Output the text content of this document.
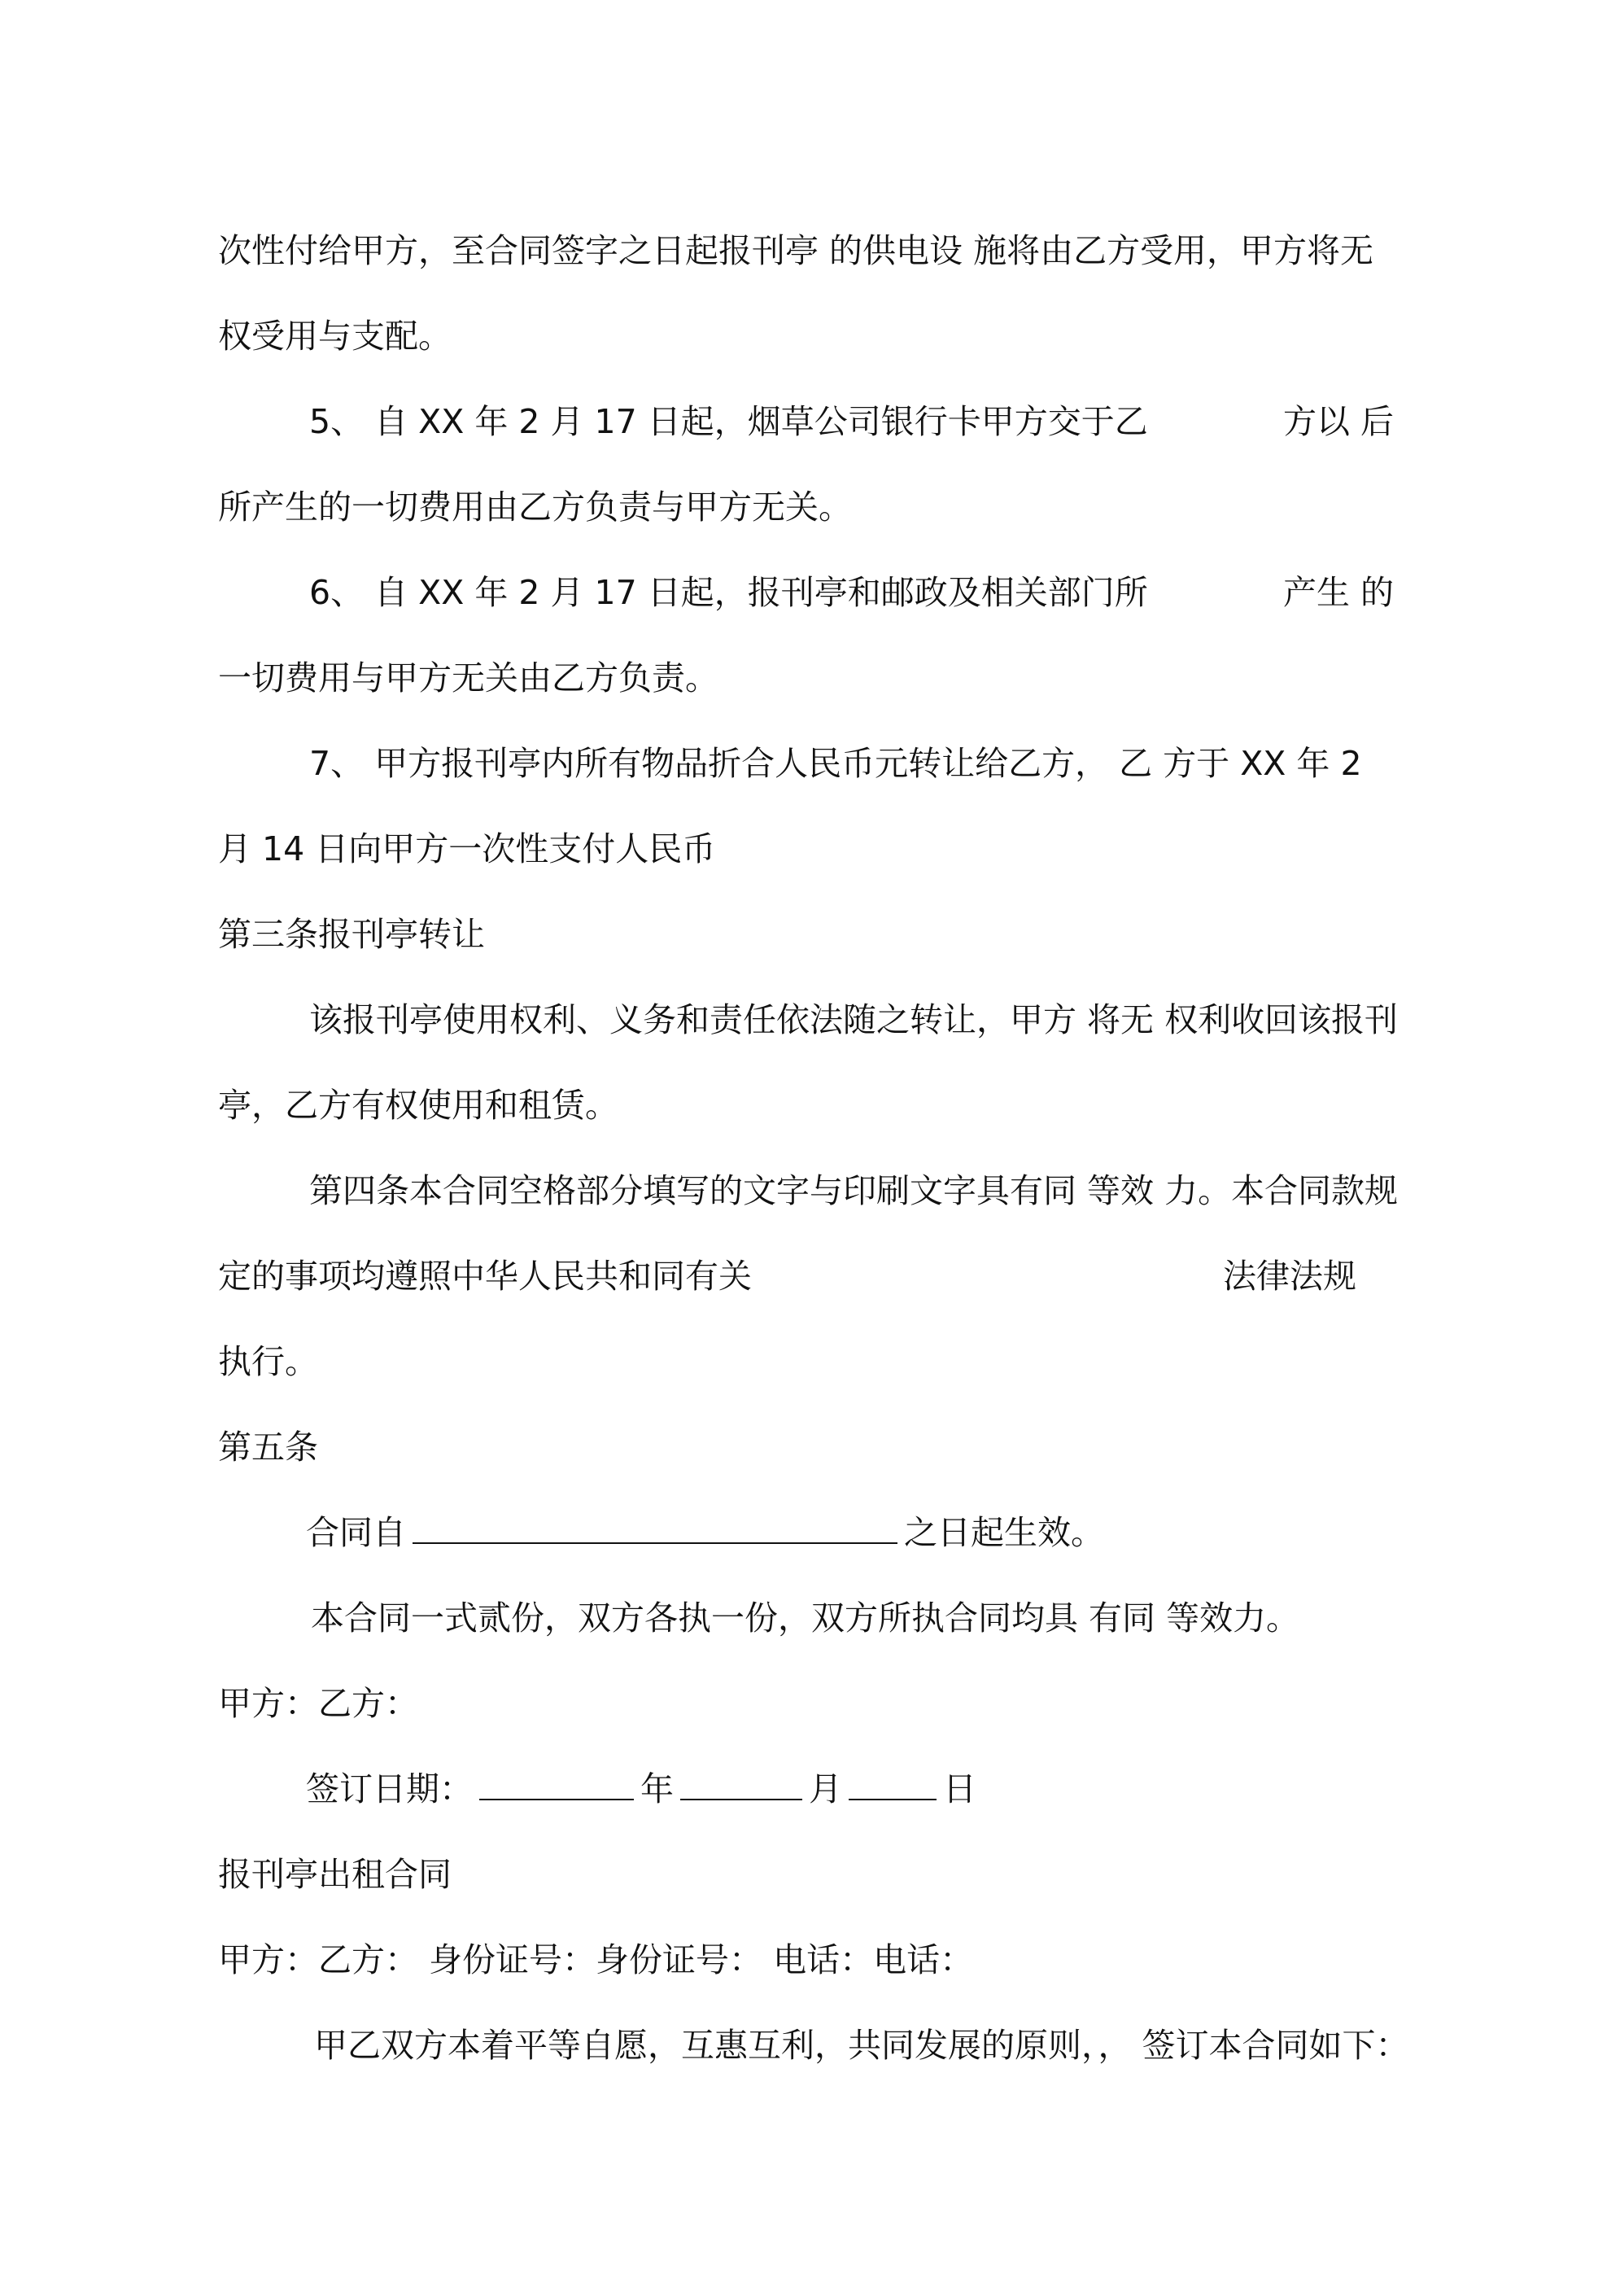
次性付给甲方，至合同签字之日起报刊亭 的供电设 施将由乙方受用，甲方将无
权受用与支配。
5、 自 XX 年 2 月 17 日起，烟草公司银行卡甲方交于乙	方以 后
所产生的一切费用由乙方负责与甲方无关。
6、 自 XX 年 2 月 17 日起，报刊亭和邮政及相关部门所	产生 的
一切费用与甲方无关由乙方负责。
7、 甲方报刊亭内所有物品折合人民币元转让给乙方， 乙 方于 XX 年 2
月 14 日向甲方一次性支付人民币
第三条报刊亭转让
该报刊亭使用权利、义务和责任依法随之转让，甲方 将无 权利收回该报刊
亭，乙方有权使用和租赁。
第四条本合同空格部分填写的文字与印刷文字具有同 等效 力。本合同款规
定的事项均遵照中华人民共和同有关	法律法规
执行。
第五条
合同自	之日起生效。
本合同一式贰份，双方各执一份，双方所执合同均具 有同 等效力。
甲方：乙方：
签订日期：	年	月	日
报刊亭出租合同
甲方：乙方： 身份证号：身份证号： 电话：电话：
甲乙双方本着平等自愿，互惠互利，共同发展的原则，， 签订本合同如下：
